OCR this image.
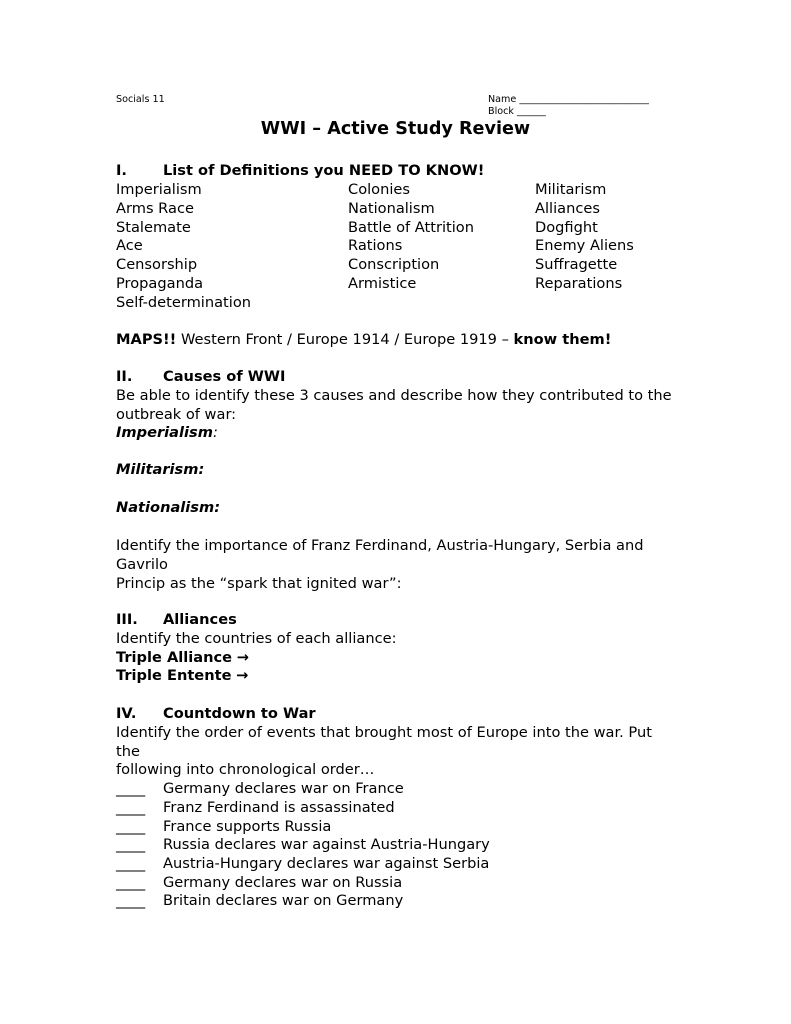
Socials 11	Name ___________________________
Block ______
WWI – Active Study Review
I. List of Definitions you NEED TO KNOW!
Imperialism	Colonies	Militarism
Arms Race	Nationalism	Alliances
Stalemate	Battle of Attrition	Dogfight
Ace	Rations	Enemy Aliens
Censorship	Conscription	Suffragette
Propaganda	Armistice	Reparations
Self-determination
MAPS!! Western Front / Europe 1914 / Europe 1919 – know them!
II. Causes of WWI
Be able to identify these 3 causes and describe how they contributed to the
outbreak of war:
Imperialism:
Militarism:
Nationalism:
Identify the importance of Franz Ferdinand, Austria-Hungary, Serbia and Gavrilo
Princip as the “spark that ignited war”:
III. Alliances
Identify the countries of each alliance:
Triple Alliance →
Triple Entente →
IV. Countdown to War
Identify the order of events that brought most of Europe into the war. Put the
following into chronological order…
____ Germany declares war on France
____ Franz Ferdinand is assassinated
____ France supports Russia
____ Russia declares war against Austria-Hungary
____ Austria-Hungary declares war against Serbia
____ Germany declares war on Russia
____ Britain declares war on Germany
